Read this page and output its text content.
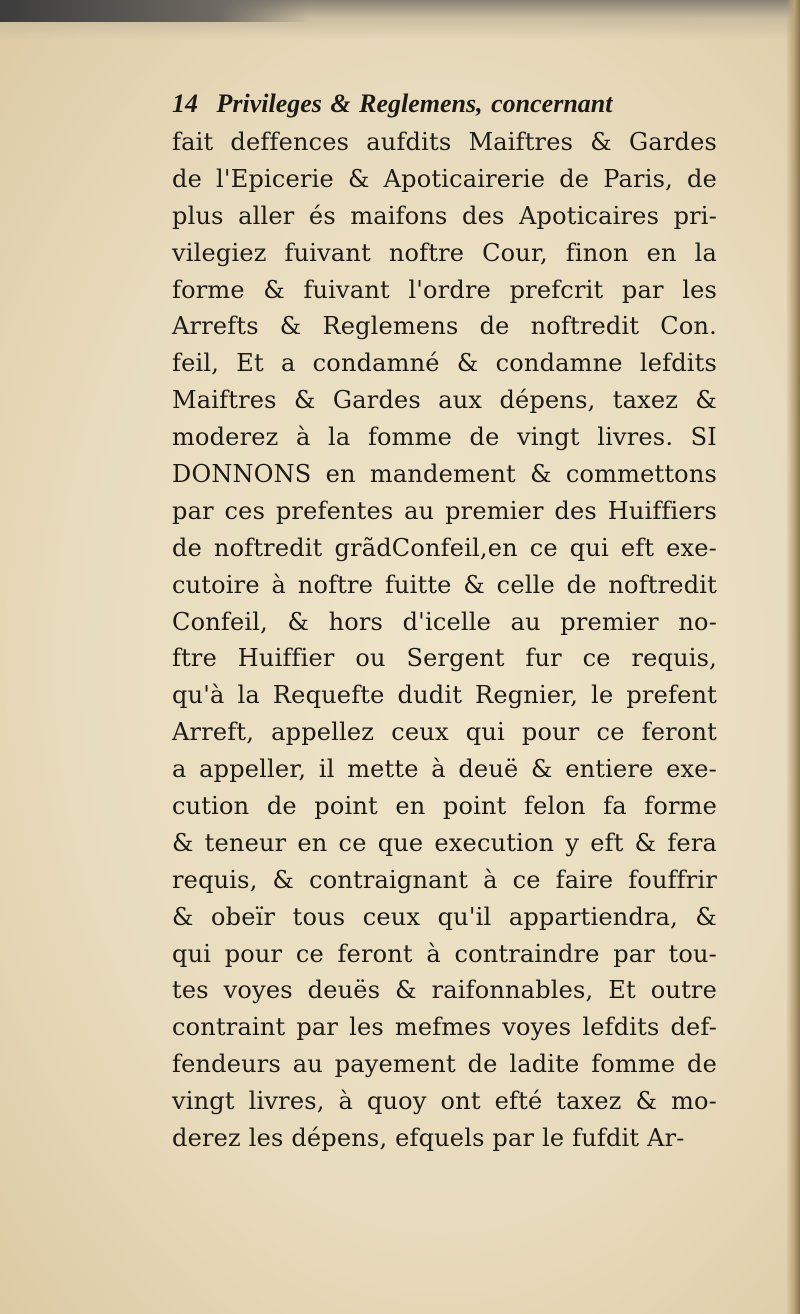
14 Privileges & Reglemens, concernant
fait deffences aufdits Maiftres & Gardes
de l'Epicerie & Apoticairerie de Paris, de
plus aller és maifons des Apoticaires pri-
vilegiez fuivant noftre Cour, finon en la
forme & fuivant l'ordre prefcrit par les
Arrefts & Reglemens de noftredit Con.
feil, Et a condamné & condamne lefdits
Maiftres & Gardes aux dépens, taxez &
moderez à la fomme de vingt livres. SI
DONNONS en mandement & commettons
par ces prefentes au premier des Huiffiers
de noftredit grãdConfeil,en ce qui eft exe-
cutoire à noftre fuitte & celle de noftredit
Confeil, & hors d'icelle au premier no-
ftre Huiffier ou Sergent fur ce requis,
qu'à la Requefte dudit Regnier, le prefent
Arreft, appellez ceux qui pour ce feront
a appeller, il mette à deuë & entiere exe-
cution de point en point felon fa forme
& teneur en ce que execution y eft & fera
requis, & contraignant à ce faire fouffrir
& obeïr tous ceux qu'il appartiendra, &
qui pour ce feront à contraindre par tou-
tes voyes deuës & raifonnables, Et outre
contraint par les mefmes voyes lefdits def-
fendeurs au payement de ladite fomme de
vingt livres, à quoy ont efté taxez & mo-
derez les dépens, efquels par le fufdit Ar-
